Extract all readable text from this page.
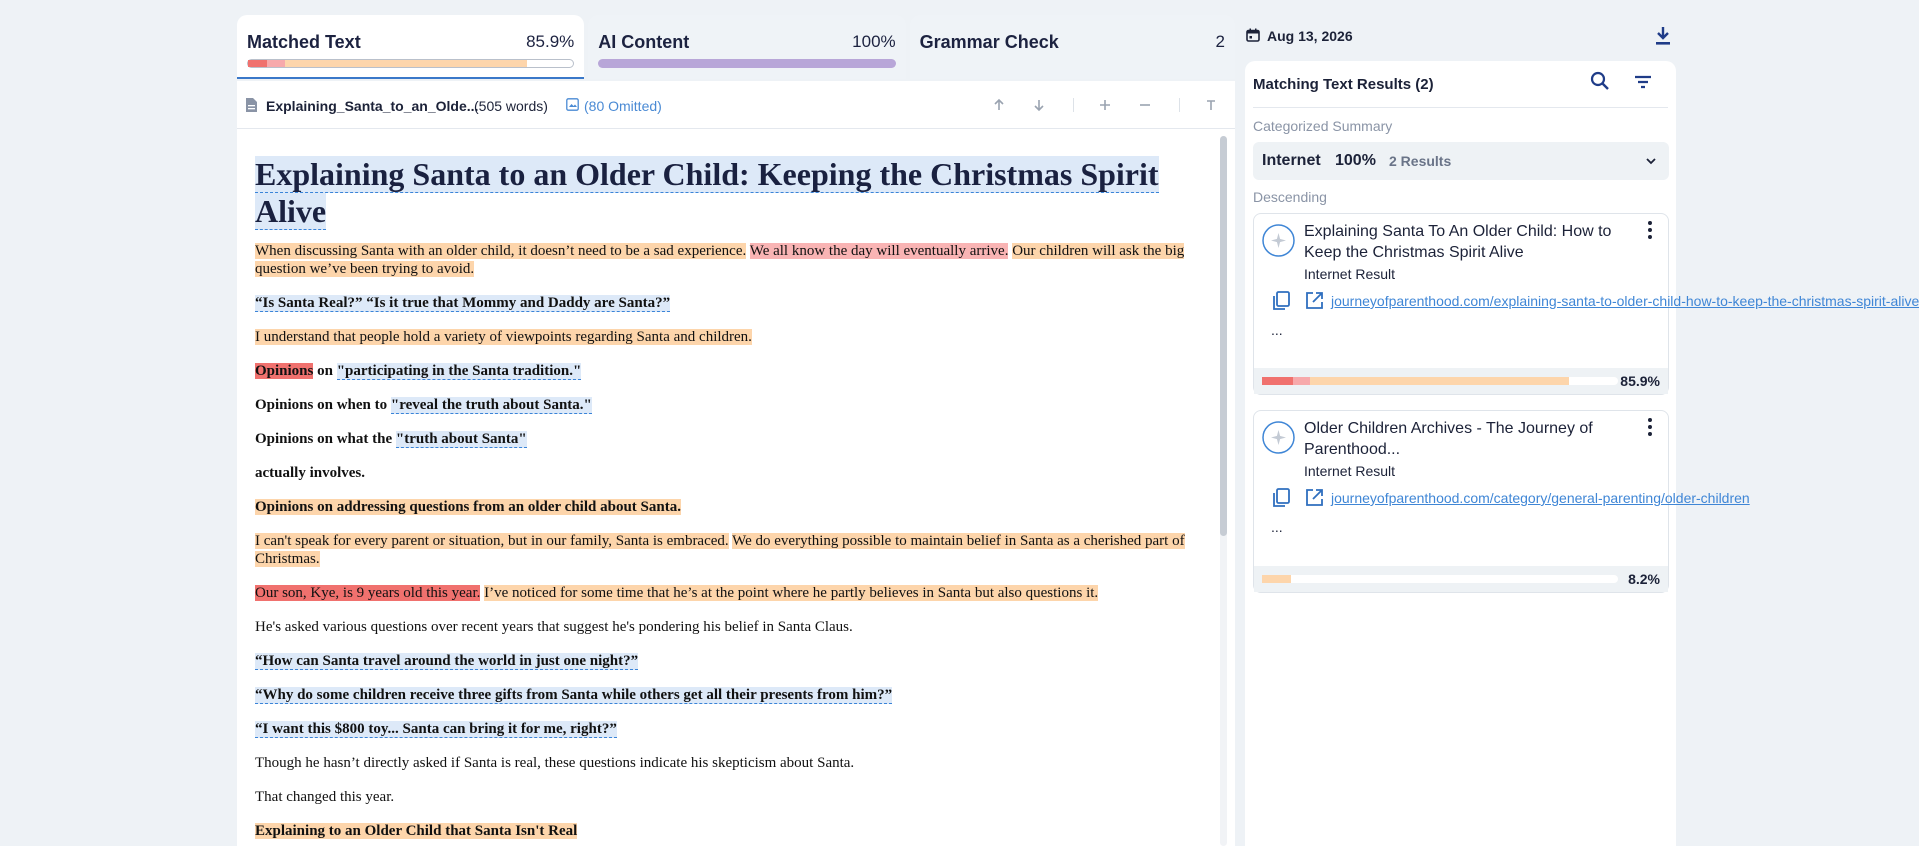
Matched Text	85.9% AI Content	100% Grammar Check	2
Explaining_Santa_to_an_Olde...
(505 words)	(80 Omitted)
Explaining Santa to an Older Child: Keeping the Christmas Spirit Alive
When discussing Santa with an older child, it doesn’t need to be a sad experience. We all know the day will eventually arrive. Our children will ask the big question we’ve been trying to avoid.
“Is Santa Real?” “Is it true that Mommy and Daddy are Santa?”
I understand that people hold a variety of viewpoints regarding Santa and children.
Opinions on "participating in the Santa tradition."
Opinions on when to "reveal the truth about Santa."
Opinions on what the "truth about Santa"
actually involves.
Opinions on addressing questions from an older child about Santa.
I can't speak for every parent or situation, but in our family, Santa is embraced. We do everything possible to maintain belief in Santa as a cherished part of Christmas.
Our son, Kye, is 9 years old this year. I’ve noticed for some time that he’s at the point where he partly believes in Santa but also questions it.
He's asked various questions over recent years that suggest he's pondering his belief in Santa Claus.
“How can Santa travel around the world in just one night?”
“Why do some children receive three gifts from Santa while others get all their presents from him?”
“I want this $800 toy... Santa can bring it for me, right?”
Though he hasn’t directly asked if Santa is real, these questions indicate his skepticism about Santa.
That changed this year.
Explaining to an Older Child that Santa Isn't Real
Aug 13, 2026
Matching Text Results (2)
Categorized Summary
Internet 100% 2 Results
Descending
Explaining Santa To An Older Child: How to Keep the Christmas Spirit Alive
Internet Result
journeyofparenthood.com/explaining-santa-to-older-child-how-to-keep-the-christmas-spirit-alive
...
85.9%
Older Children Archives - The Journey of Parenthood...
Internet Result
journeyofparenthood.com/category/general-parenting/older-children
...
8.2%
